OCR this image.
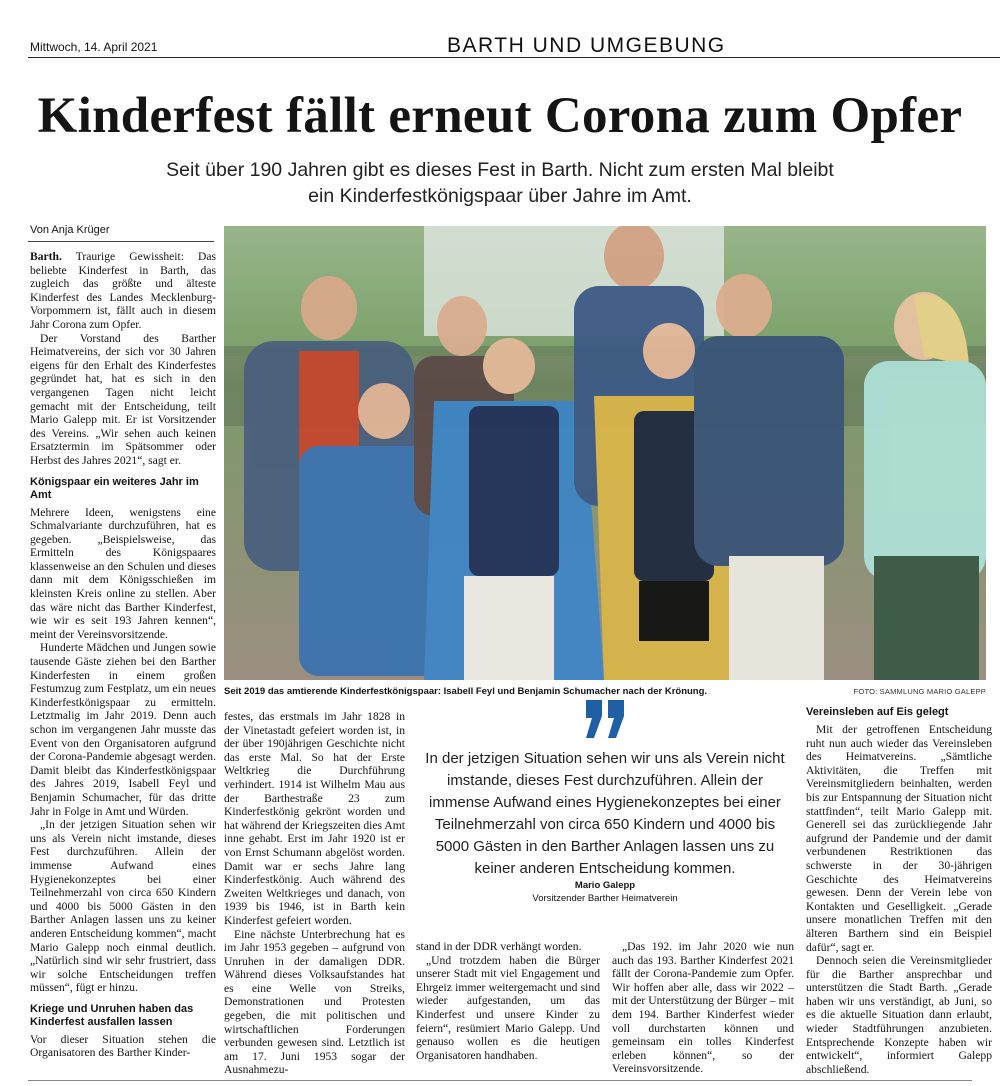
Mittwoch, 14. April 2021	BARTH UND UMGEBUNG
Kinderfest fällt erneut Corona zum Opfer
Seit über 190 Jahren gibt es dieses Fest in Barth. Nicht zum ersten Mal bleibt
ein Kinderfestkönigspaar über Jahre im Amt.
Von Anja Krüger

Barth. Traurige Gewissheit: Das beliebte Kinderfest in Barth, das zugleich das größte und älteste Kinderfest des Landes Mecklenburg-Vorpommern ist, fällt auch in diesem Jahr Corona zum Opfer.

Der Vorstand des Barther Heimatvereins, der sich vor 30 Jahren eigens für den Erhalt des Kinderfestes gegründet hat, hat es sich in den vergangenen Tagen nicht leicht gemacht mit der Entscheidung, teilt Mario Galepp mit. Er ist Vorsitzender des Vereins. „Wir sehen auch keinen Ersatztermin im Spätsommer oder Herbst des Jahres 2021“, sagt er.

Königspaar ein weiteres Jahr im Amt

Mehrere Ideen, wenigstens eine Schmalvariante durchzuführen, hat es gegeben. „Beispielsweise, das Ermitteln des Königspaares klassenweise an den Schulen und dieses dann mit dem Königsschießen im kleinsten Kreis online zu stellen. Aber das wäre nicht das Barther Kinderfest, wie wir es seit 193 Jahren kennen“, meint der Vereinsvorsitzende.

Hunderte Mädchen und Jungen sowie tausende Gäste ziehen bei den Barther Kinderfesten in einem großen Festumzug zum Festplatz, um ein neues Kinderfestkönigspaar zu ermitteln. Letztmalig im Jahr 2019. Denn auch schon im vergangenen Jahr musste das Event von den Organisatoren aufgrund der Corona-Pandemie abgesagt werden. Damit bleibt das Kinderfestkönigspaar des Jahres 2019, Isabell Feyl und Benjamin Schumacher, für das dritte Jahr in Folge in Amt und Würden.

„In der jetzigen Situation sehen wir uns als Verein nicht imstande, dieses Fest durchzuführen. Allein der immense Aufwand eines Hygienekonzeptes bei einer Teilnehmerzahl von circa 650 Kindern und 4000 bis 5000 Gästen in den Barther Anlagen lassen uns zu keiner anderen Entscheidung kommen“, macht Mario Galepp noch einmal deutlich. „Natürlich sind wir sehr frustriert, dass wir solche Entscheidungen treffen müssen“, fügt er hinzu.

Kriege und Unruhen haben das Kinderfest ausfallen lassen

Vor dieser Situation stehen die Organisatoren des Barther Kinder-

Seit 2019 das amtierende Kinderfestkönigspaar: Isabell Feyl und Benjamin Schumacher nach der Krönung.	FOTO: SAMMLUNG MARIO GALEPP

festes, das erstmals im Jahr 1828 in der Vinetastadt gefeiert worden ist, in der über 190jährigen Geschichte nicht das erste Mal. So hat der Erste Weltkrieg die Durchführung verhindert. 1914 ist Wilhelm Mau aus der Barthestraße 23 zum Kinderfestkönig gekrönt worden und hat während der Kriegszeiten dies Amt inne gehabt. Erst im Jahr 1920 ist er von Ernst Schumann abgelöst worden. Damit war er sechs Jahre lang Kinderfestkönig. Auch während des Zweiten Weltkrieges und danach, von 1939 bis 1946, ist in Barth kein Kinderfest gefeiert worden.

Eine nächste Unterbrechung hat es im Jahr 1953 gegeben – aufgrund von Unruhen in der damaligen DDR. Während dieses Volksaufstandes hat es eine Welle von Streiks, Demonstrationen und Protesten gegeben, die mit politischen und wirtschaftlichen Forderungen verbunden gewesen sind. Letztlich ist am 17. Juni 1953 sogar der Ausnahmezu-

In der jetzigen Situation sehen wir uns als Verein nicht imstande, dieses Fest durchzuführen. Allein der immense Aufwand eines Hygienekonzeptes bei einer Teilnehmerzahl von circa 650 Kindern und 4000 bis 5000 Gästen in den Barther Anlagen lassen uns zu keiner anderen Entscheidung kommen.
Mario Galepp
Vorsitzender Barther Heimatverein

stand in der DDR verhängt worden.

„Und trotzdem haben die Bürger unserer Stadt mit viel Engagement und Ehrgeiz immer weitergemacht und sind wieder aufgestanden, um das Kinderfest und unsere Kinder zu feiern“, resümiert Mario Galepp. Und genauso wollen es die heutigen Organisatoren handhaben.

„Das 192. im Jahr 2020 wie nun auch das 193. Barther Kinderfest 2021 fällt der Corona-Pandemie zum Opfer. Wir hoffen aber alle, dass wir 2022 – mit der Unterstützung der Bürger – mit dem 194. Barther Kinderfest wieder voll durchstarten können und gemeinsam ein tolles Kinderfest erleben können“, so der Vereinsvorsitzende.

Vereinsleben auf Eis gelegt

Mit der getroffenen Entscheidung ruht nun auch wieder das Vereinsleben des Heimatvereins. „Sämtliche Aktivitäten, die Treffen mit Vereinsmitgliedern beinhalten, werden bis zur Entspannung der Situation nicht stattfinden“, teilt Mario Galepp mit. Generell sei das zurückliegende Jahr aufgrund der Pandemie und der damit verbundenen Restriktionen das schwerste in der 30-jährigen Geschichte des Heimatvereins gewesen. Denn der Verein lebe von Kontakten und Geselligkeit. „Gerade unsere monatlichen Treffen mit den älteren Barthern sind ein Beispiel dafür“, sagt er.

Dennoch seien die Vereinsmitglieder für die Barther ansprechbar und unterstützen die Stadt Barth. „Gerade haben wir uns verständigt, ab Juni, so es die aktuelle Situation dann erlaubt, wieder Stadtführungen anzubieten. Entsprechende Konzepte haben wir entwickelt“, informiert Galepp abschließend.
